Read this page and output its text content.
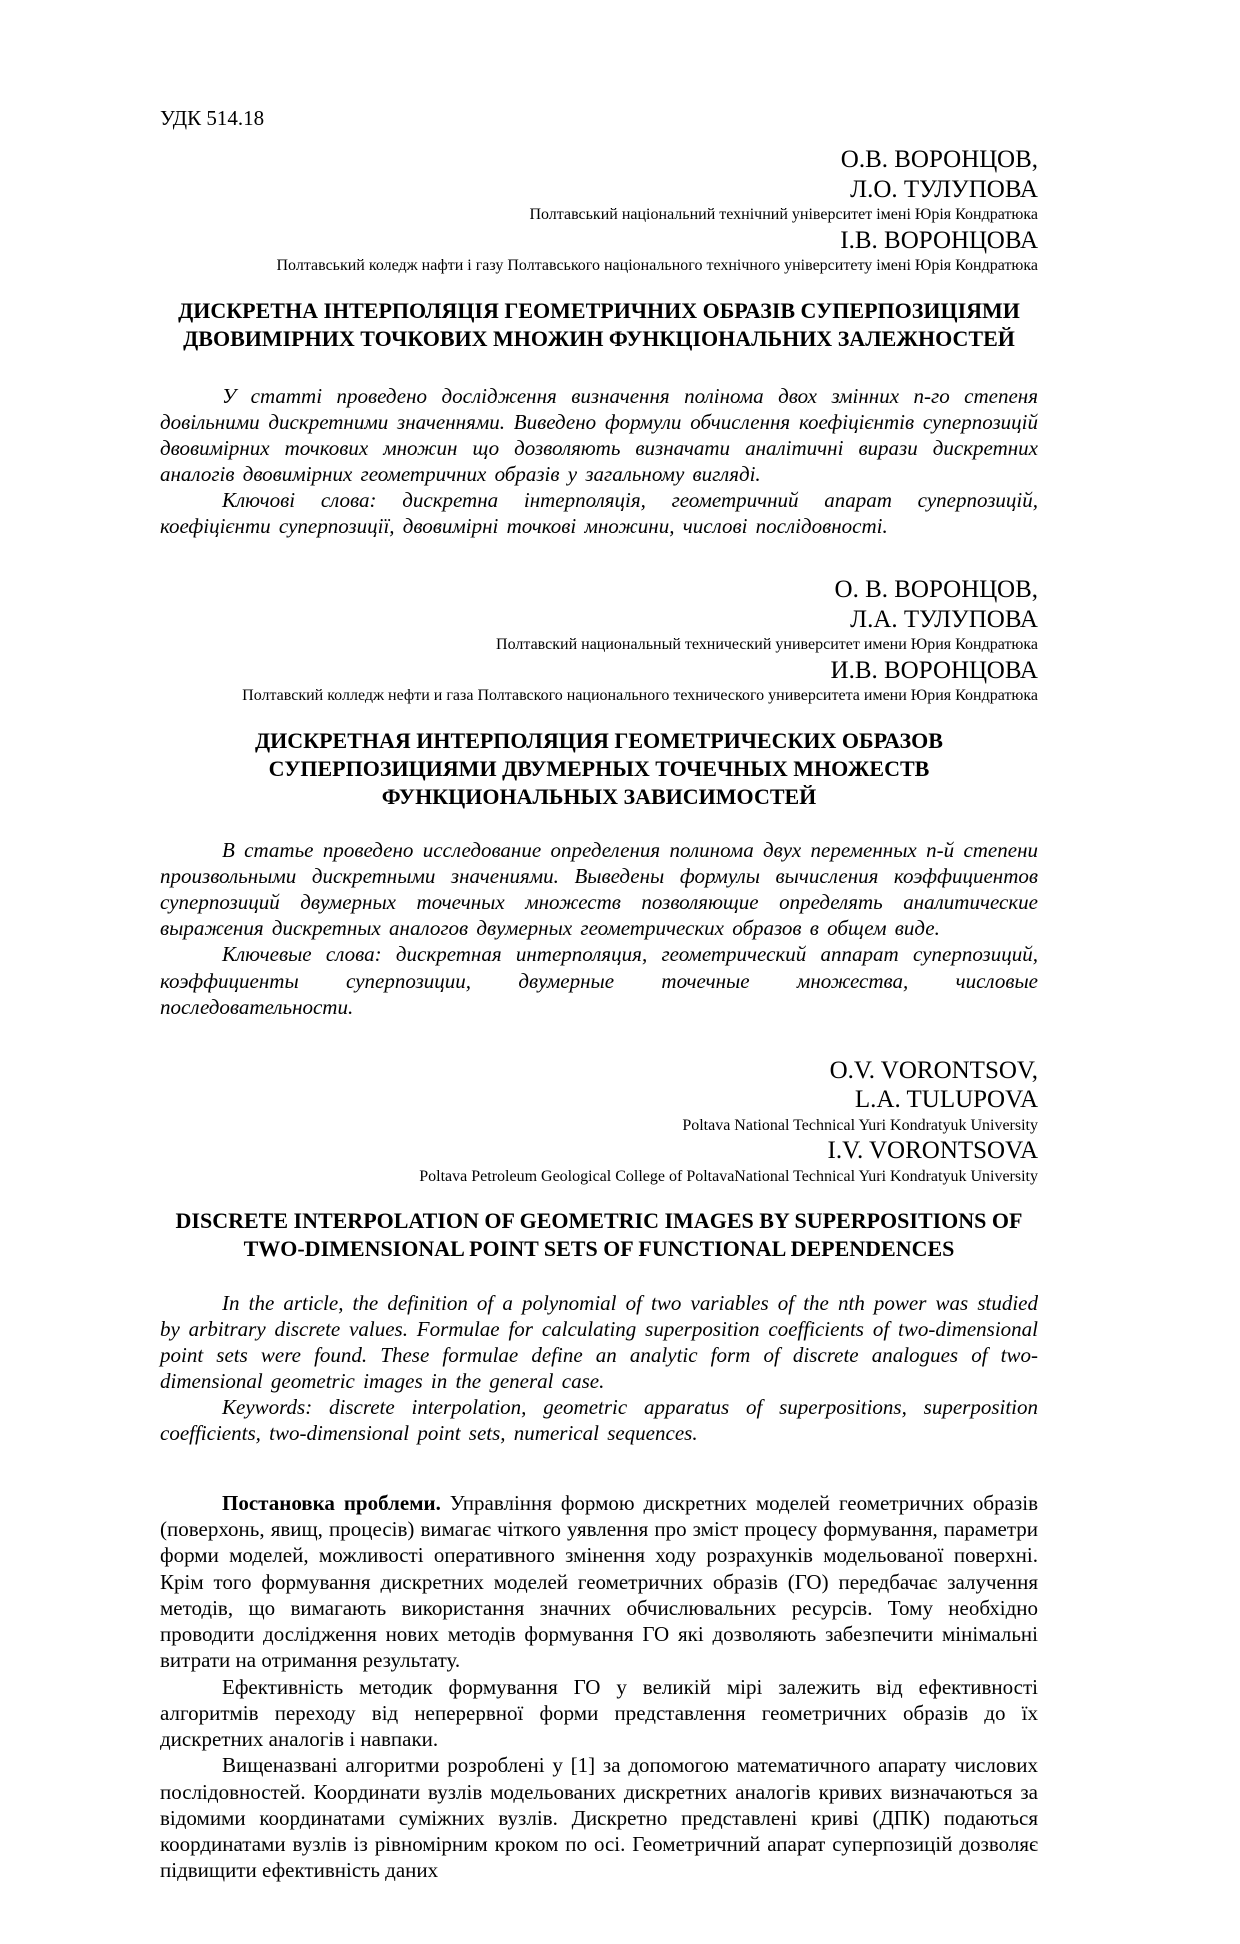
УДК 514.18

О.В. ВОРОНЦОВ,

Л.О. ТУЛУПОВА

Полтавський національний технічний університет імені Юрія Кондратюка

І.В. ВОРОНЦОВА

Полтавський коледж нафти і газу Полтавського національного технічного універcитету імені Юрія Кондратюка

ДИСКРЕТНА ІНТЕРПОЛЯЦІЯ ГЕОМЕТРИЧНИХ ОБРАЗІВ СУПЕРПОЗИЦІЯМИ ДВОВИМІРНИХ ТОЧКОВИХ МНОЖИН ФУНКЦІОНАЛЬНИХ ЗАЛЕЖНОСТЕЙ

У статті проведено дослідження визначення полінома двох змінних n-го степеня довільними дискретними значеннями. Виведено формули обчислення коефіцієнтів суперпозицій двовимірних точкових множин що дозволяють визначати аналітичні вирази дискретних аналогів двовимірних геометричних образів у загальному вигляді.

Ключові слова: дискретна інтерполяція, геометричний апарат суперпозицій, коефіцієнти суперпозиції, двовимірні точкові множини, числові послідовності.

О. В. ВОРОНЦОВ,

Л.А. ТУЛУПОВА

Полтавский национальный технический университет имени Юрия Кондратюка

И.В. ВОРОНЦОВА

Полтавский колледж нефти и газа Полтавского национального технического университета имени Юрия Кондратюка

ДИСКРЕТНАЯ ИНТЕРПОЛЯЦИЯ ГЕОМЕТРИЧЕСКИХ ОБРАЗОВ СУПЕРПОЗИЦИЯМИ ДВУМЕРНЫХ ТОЧЕЧНЫХ МНОЖЕСТВ ФУНКЦИОНАЛЬНЫХ ЗАВИСИМОСТЕЙ

В статье проведено исследование определения полинома двух переменных n-й степени произвольными дискретными значениями. Выведены формулы вычисления коэффициентов суперпозиций двумерных точечных множеств позволяющие определять аналитические выражения дискретных аналогов двумерных геометрических образов в общем виде.

Ключевые слова: дискретная интерполяция, геометрический аппарат суперпозиций, коэффициенты суперпозиции, двумерные точечные множества, числовые последовательности.

O.V. VORONTSOV,

L.A. TULUPOVA

Poltava National Technical Yuri Kondratyuk University

I.V. VORONTSOVA

Poltava Petroleum Geological College of PoltavaNational Technical Yuri Kondratyuk University

DISCRETE INTERPOLATION OF GEOMETRIC IMAGES BY SUPERPOSITIONS OF TWO-DIMENSIONAL POINT SETS OF FUNCTIONAL DEPENDENCES

In the article, the definition of a polynomial of two variables of the nth power was studied by arbitrary discrete values. Formulae for calculating superposition coefficients of two-dimensional point sets were found. These formulae define an analytic form of discrete analogues of two-dimensional geometric images in the general case.

Keywords: discrete interpolation, geometric apparatus of superpositions, superposition coefficients, two-dimensional point sets, numerical sequences.

Постановка проблеми. Управління формою дискретних моделей геометричних образів (поверхонь, явищ, процесів) вимагає чіткого уявлення про зміст процесу формування, параметри форми моделей, можливості оперативного змінення ходу розрахунків модельованої поверхні. Крім того формування дискретних моделей геометричних образів (ГО) передбачає залучення методів, що вимагають використання значних обчислювальних ресурсів. Тому необхідно проводити дослідження нових методів формування ГО які дозволяють забезпечити мінімальні витрати на отримання результату.

Ефективність методик формування ГО у великій мірі залежить від ефективності алгоритмів переходу від неперервної форми представлення геометричних образів до їх дискретних аналогів і навпаки.

Вищеназвані алгоритми розроблені у [1] за допомогою математичного апарату числових послідовностей. Координати вузлів модельованих дискретних аналогів кривих визначаються за відомими координатами суміжних вузлів. Дискретно представлені криві (ДПК) подаються координатами вузлів із рівномірним кроком по осі. Геометричний апарат суперпозицій дозволяє підвищити ефективність даних
